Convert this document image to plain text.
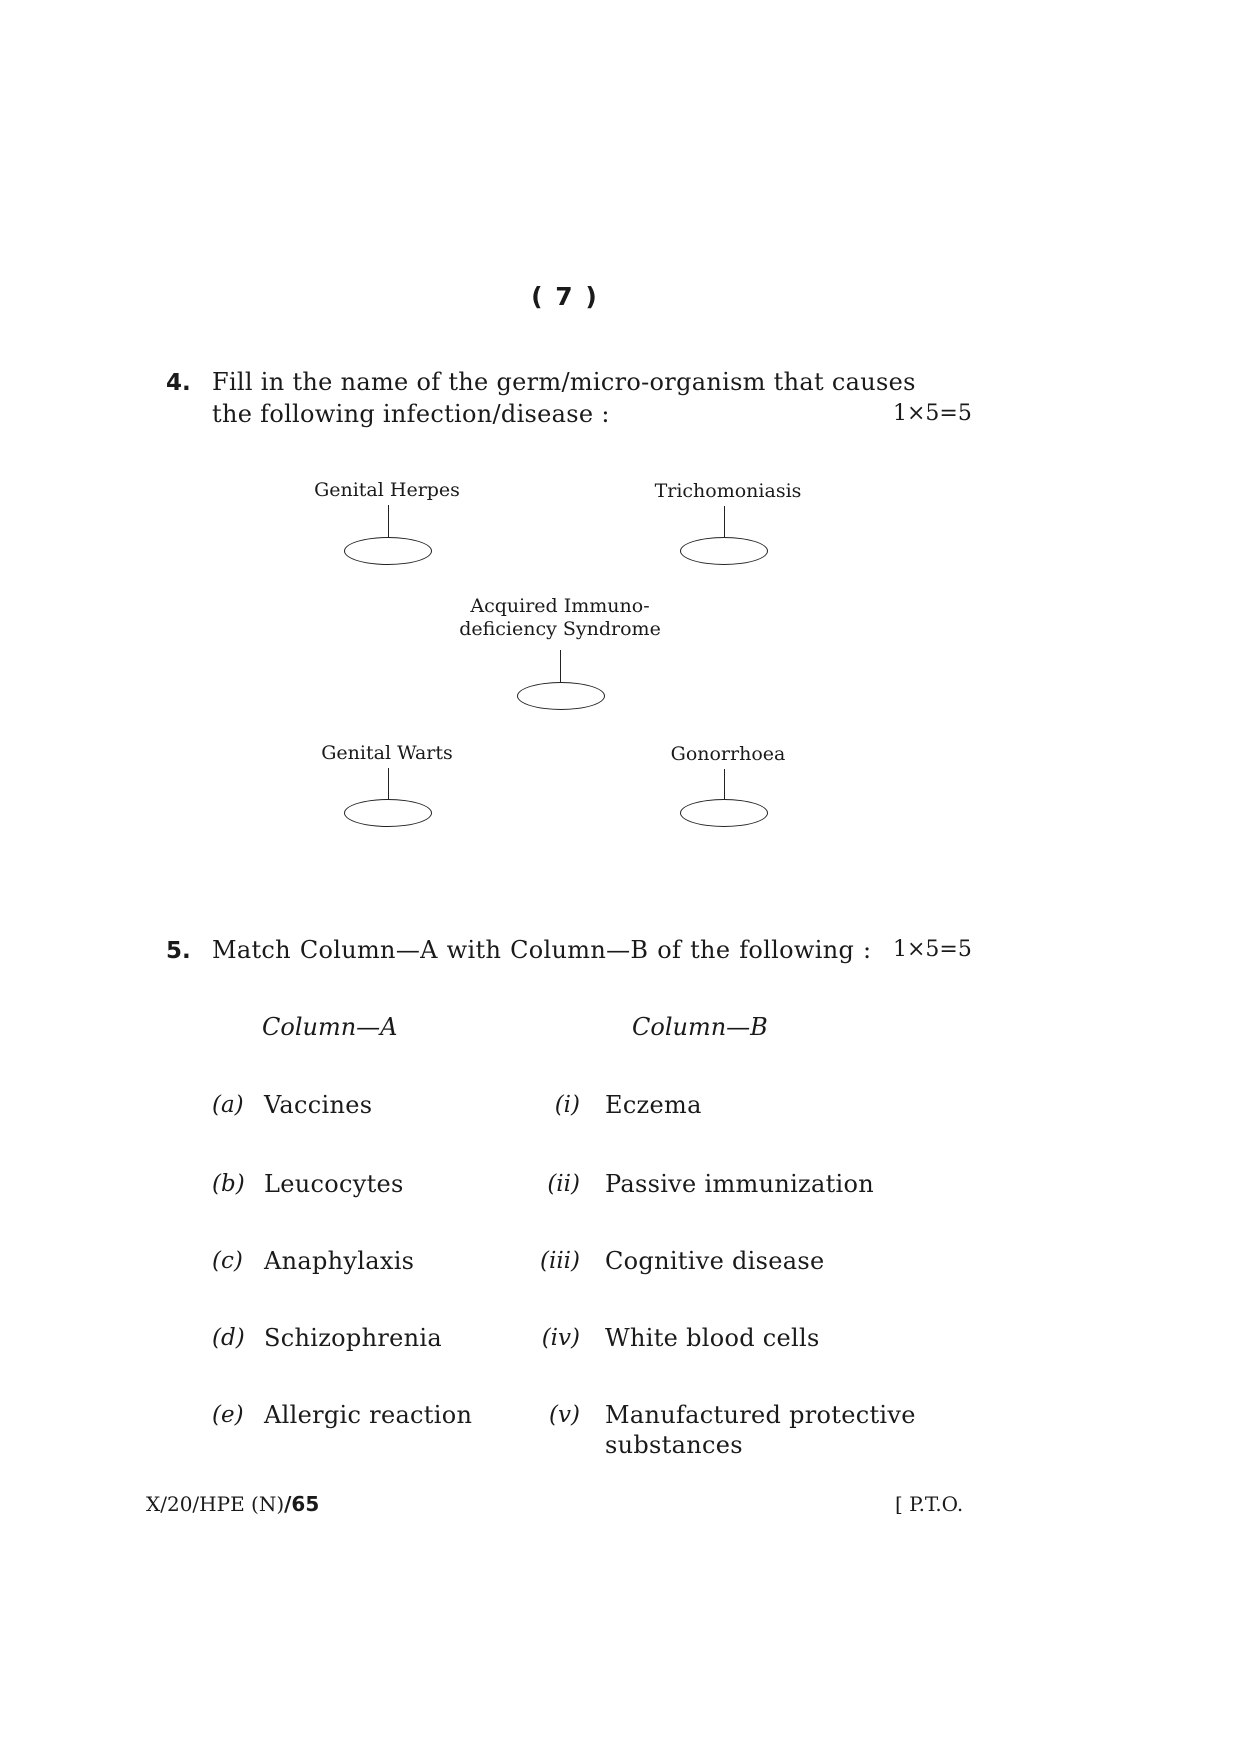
( 7 )
4. Fill in the name of the germ/micro-organism that causes
the following infection/disease :	1×5=5
Genital Herpes	Trichomoniasis
Acquired Immuno-
deficiency Syndrome
Genital Warts	Gonorrhoea
5. Match Column—A with Column—B of the following : 1×5=5
Column—A	Column—B
(a) Vaccines	(i) Eczema
(b) Leucocytes	(ii) Passive immunization
(c) Anaphylaxis	(iii) Cognitive disease
(d) Schizophrenia	(iv) White blood cells
(e) Allergic reaction	(v) Manufactured protective
substances
X/20/HPE (N)/65	[ P.T.O.
